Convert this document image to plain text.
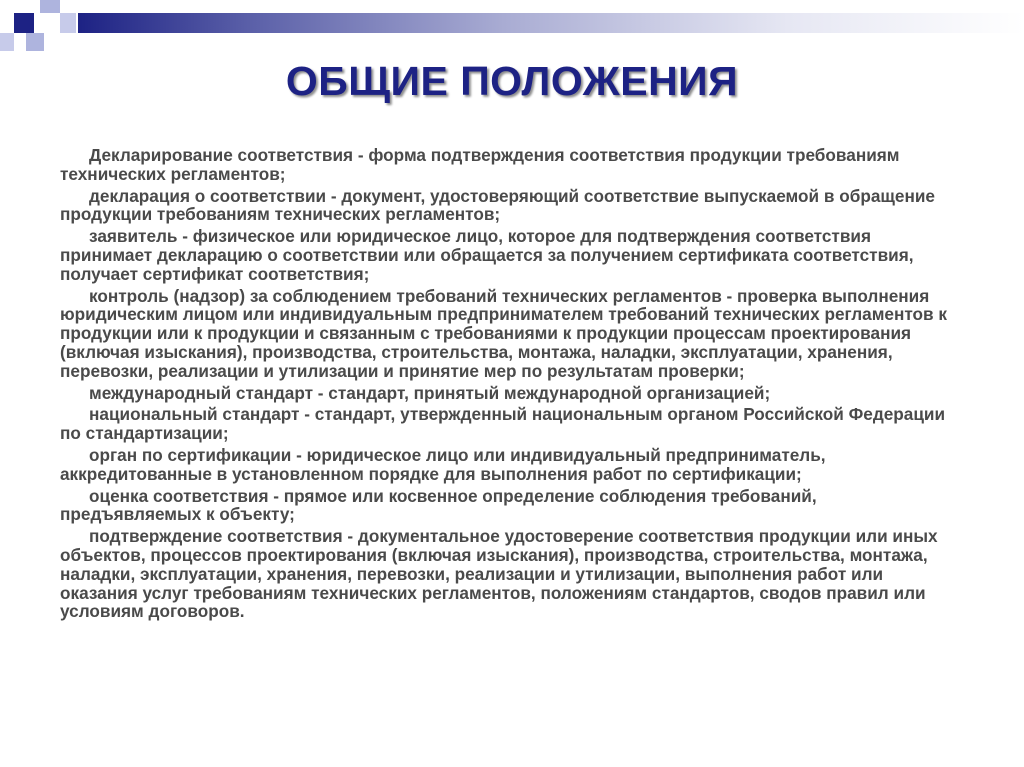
ОБЩИЕ ПОЛОЖЕНИЯ

Декларирование соответствия - форма подтверждения соответствия продукции требованиям технических регламентов;

декларация о соответствии - документ, удостоверяющий соответствие выпускаемой в обращение продукции требованиям технических регламентов;

заявитель - физическое или юридическое лицо, которое для подтверждения соответствия принимает декларацию о соответствии или обращается за получением сертификата соответствия, получает сертификат соответствия;

контроль (надзор) за соблюдением требований технических регламентов - проверка выполнения юридическим лицом или индивидуальным предпринимателем требований технических регламентов к продукции или к продукции и связанным с требованиями к продукции процессам проектирования (включая изыскания), производства, строительства, монтажа, наладки, эксплуатации, хранения, перевозки, реализации и утилизации и принятие мер по результатам проверки;

международный стандарт - стандарт, принятый международной организацией;

национальный стандарт - стандарт, утвержденный национальным органом Российской Федерации по стандартизации;

орган по сертификации - юридическое лицо или индивидуальный предприниматель, аккредитованные в установленном порядке для выполнения работ по сертификации;

оценка соответствия - прямое или косвенное определение соблюдения требований, предъявляемых к объекту;

подтверждение соответствия - документальное удостоверение соответствия продукции или иных объектов, процессов проектирования (включая изыскания), производства, строительства, монтажа, наладки, эксплуатации, хранения, перевозки, реализации и утилизации, выполнения работ или оказания услуг требованиям технических регламентов, положениям стандартов, сводов правил или условиям договоров.
